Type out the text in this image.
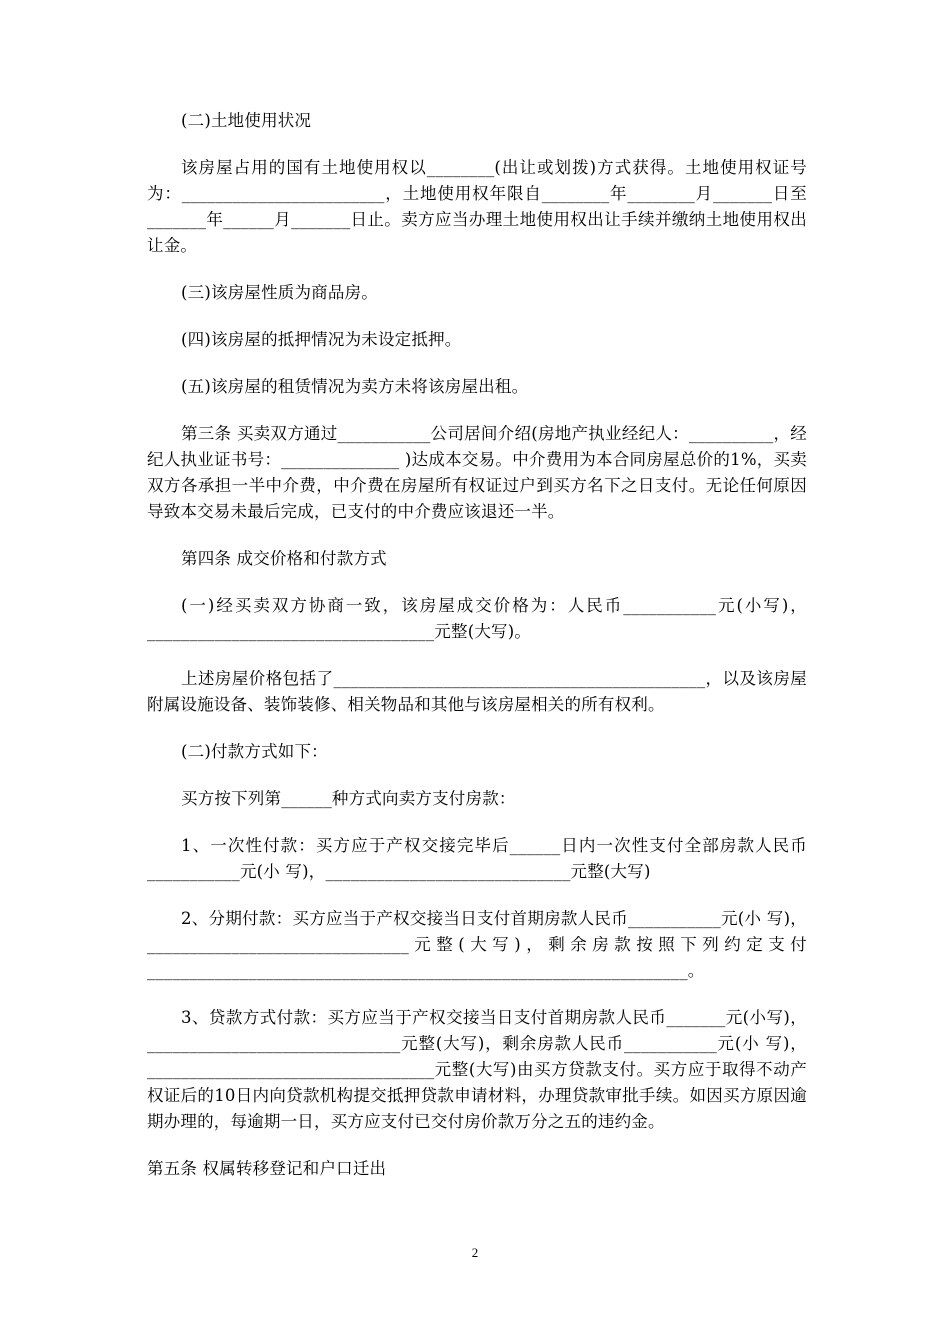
(二)土地使用状况

该房屋占用的国有土地使用权以________(出让或划拨)方式获得。土地使用权证号为：________________________，土地使用权年限自________年________月_______日至_______年______月_______日止。卖方应当办理土地使用权出让手续并缴纳土地使用权出让金。

(三)该房屋性质为商品房。

(四)该房屋的抵押情况为未设定抵押。

(五)该房屋的租赁情况为卖方未将该房屋出租。

第三条 买卖双方通过___________公司居间介绍(房地产执业经纪人：__________，经纪人执业证书号：______________ )达成本交易。中介费用为本合同房屋总价的1%，买卖双方各承担一半中介费，中介费在房屋所有权证过户到买方名下之日支付。无论任何原因导致本交易未最后完成，已支付的中介费应该退还一半。

第四条 成交价格和付款方式

(一)经买卖双方协商一致，该房屋成交价格为：人民币___________元(小写)，__________________________________元整(大写)。

上述房屋价格包括了____________________________________________，以及该房屋附属设施设备、装饰装修、相关物品和其他与该房屋相关的所有权利。

(二)付款方式如下：

买方按下列第______种方式向卖方支付房款：

1、一次性付款：买方应于产权交接完毕后______日内一次性支付全部房款人民币___________元(小 写)，_____________________________元整(大写)

2、分期付款：买方应当于产权交接当日支付首期房款人民币___________元(小 写)，_______________________________元整(大写)，剩余房款按照下列约定支付________________________________________________________________。

3、贷款方式付款：买方应当于产权交接当日支付首期房款人民币_______元(小写)，______________________________元整(大写)，剩余房款人民币___________元(小 写)，__________________________________元整(大写)由买方贷款支付。买方应于取得不动产权证后的10日内向贷款机构提交抵押贷款申请材料，办理贷款审批手续。如因买方原因逾期办理的，每逾期一日，买方应支付已交付房价款万分之五的违约金。

第五条 权属转移登记和户口迁出

2
